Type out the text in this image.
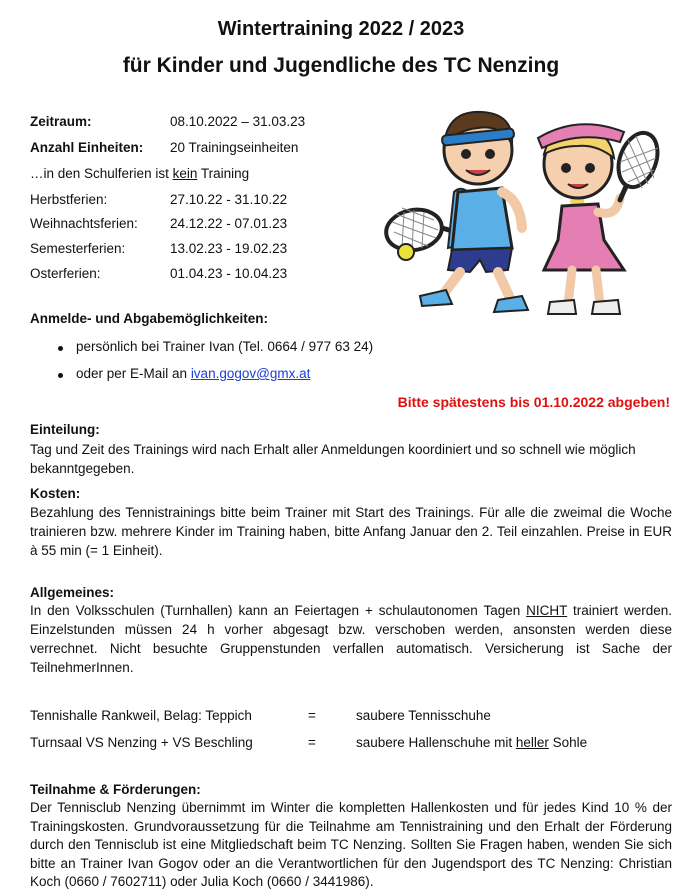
Wintertraining 2022 / 2023
für Kinder und Jugendliche des TC Nenzing
Zeitraum:	08.10.2022 – 31.03.23
Anzahl Einheiten: 20 Trainingseinheiten
…in den Schulferien ist kein Training
Herbstferien:	27.10.22 - 31.10.22
Weihnachtsferien: 24.12.22 - 07.01.23
Semesterferien:	13.02.23 - 19.02.23
Osterferien:	01.04.23 - 10.04.23
Anmelde- und Abgabemöglichkeiten:
persönlich bei Trainer Ivan (Tel. 0664 / 977 63 24)
oder per E-Mail an ivan.gogov@gmx.at
Bitte spätestens bis 01.10.2022 abgeben!
Einteilung:
Tag und Zeit des Trainings wird nach Erhalt aller Anmeldungen koordiniert und so schnell wie möglich bekanntgegeben.
Kosten:
Bezahlung des Tennistrainings bitte beim Trainer mit Start des Trainings. Für alle die zweimal die Woche trainieren bzw. mehrere Kinder im Training haben, bitte Anfang Januar den 2. Teil einzahlen. Preise in EUR à 55 min (= 1 Einheit).
Allgemeines:
In den Volksschulen (Turnhallen) kann an Feiertagen + schulautonomen Tagen NICHT trainiert werden. Einzelstunden müssen 24 h vorher abgesagt bzw. verschoben werden, ansonsten werden diese verrechnet. Nicht besuchte Gruppenstunden verfallen automatisch. Versicherung ist Sache der TeilnehmerInnen.
Tennishalle Rankweil, Belag: Teppich	=	saubere Tennisschuhe
Turnsaal VS Nenzing + VS Beschling	=	saubere Hallenschuhe mit heller Sohle
Teilnahme & Förderungen:
Der Tennisclub Nenzing übernimmt im Winter die kompletten Hallenkosten und für jedes Kind 10 % der Trainingskosten. Grundvoraussetzung für die Teilnahme am Tennistraining und den Erhalt der Förderung durch den Tennisclub ist eine Mitgliedschaft beim TC Nenzing. Sollten Sie Fragen haben, wenden Sie sich bitte an Trainer Ivan Gogov oder an die Verantwortlichen für den Jugendsport des TC Nenzing: Christian Koch (0660 / 7602711) oder Julia Koch (0660 / 3441986).
